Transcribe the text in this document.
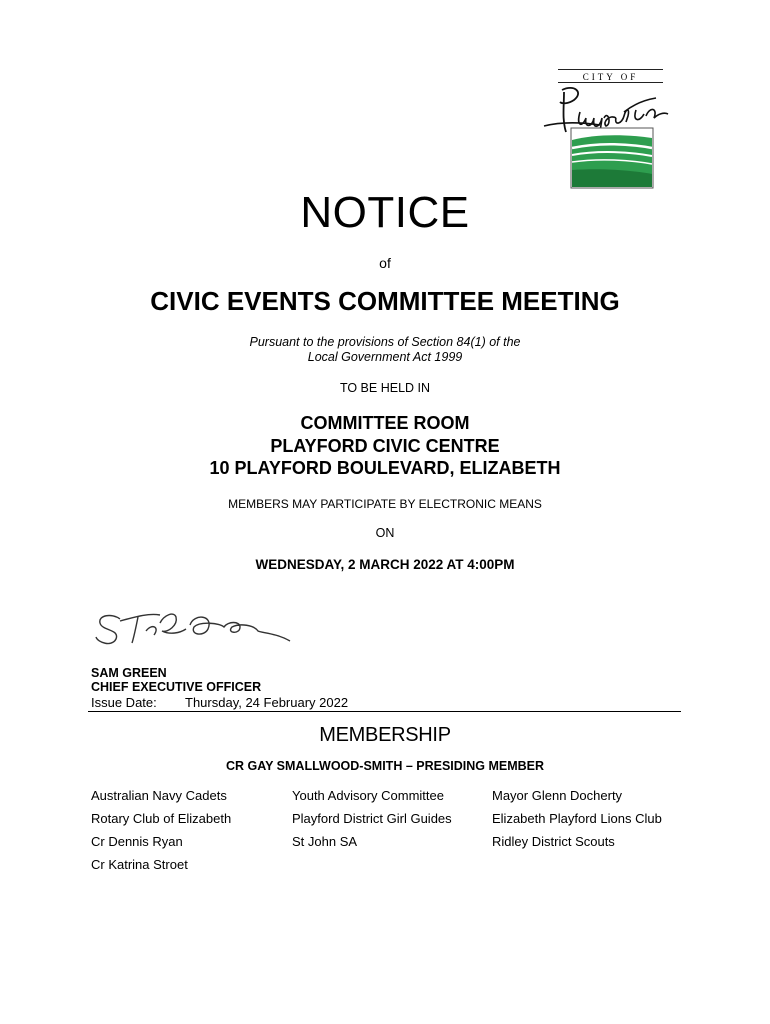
CITY OF
NOTICE
of
CIVIC EVENTS COMMITTEE MEETING
Pursuant to the provisions of Section 84(1) of the
Local Government Act 1999
TO BE HELD IN
COMMITTEE ROOM
PLAYFORD CIVIC CENTRE
10 PLAYFORD BOULEVARD, ELIZABETH
MEMBERS MAY PARTICIPATE BY ELECTRONIC MEANS
ON
WEDNESDAY, 2 MARCH 2022 AT 4:00PM
SAM GREEN
CHIEF EXECUTIVE OFFICER
Issue Date: Thursday, 24 February 2022
MEMBERSHIP
CR GAY SMALLWOOD-SMITH – PRESIDING MEMBER
Australian Navy Cadets	Youth Advisory Committee	Mayor Glenn Docherty
Rotary Club of Elizabeth	Playford District Girl Guides	Elizabeth Playford Lions Club
Cr Dennis Ryan	St John SA	Ridley District Scouts
Cr Katrina Stroet
